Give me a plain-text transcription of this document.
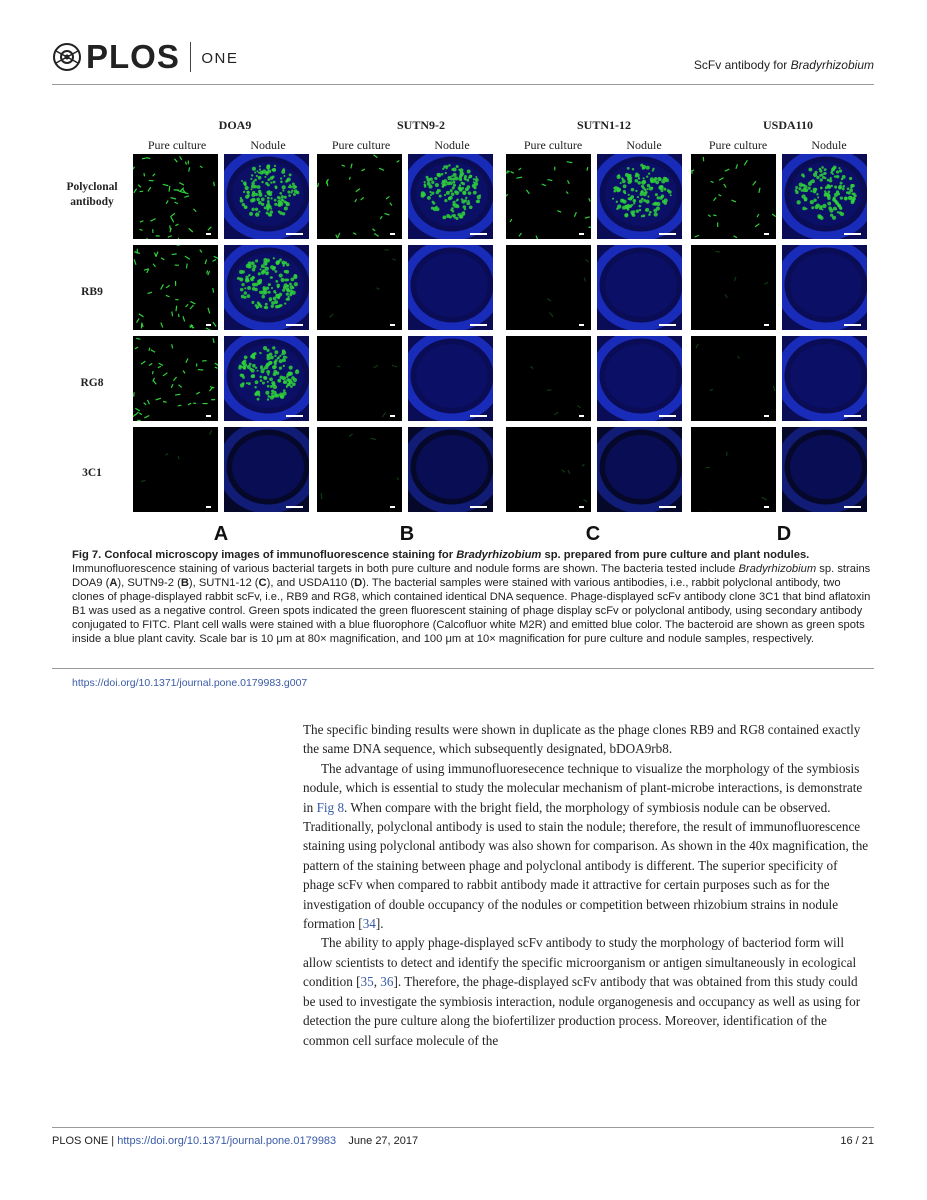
PLOS ONE	ScFv antibody for Bradyrhizobium
DOA9	SUTN9-2	SUTN1-12	USDA110
Pure culture	Nodule	Pure culture	Nodule	Pure culture	Nodule	Pure culture	Nodule
Polyclonal
antibody
RB9
RG8
3C1
A	B	C	D
Fig 7. Confocal microscopy images of immunofluorescence staining for Bradyrhizobium sp. prepared from pure culture and plant nodules. Immunofluorescence staining of various bacterial targets in both pure culture and nodule forms are shown. The bacteria tested include Bradyrhizobium sp. strains DOA9 (A), SUTN9-2 (B), SUTN1-12 (C), and USDA110 (D). The bacterial samples were stained with various antibodies, i.e., rabbit polyclonal antibody, two clones of phage-displayed rabbit scFv, i.e., RB9 and RG8, which contained identical DNA sequence. Phage-displayed scFv antibody clone 3C1 that bind aflatoxin B1 was used as a negative control. Green spots indicated the green fluorescent staining of phage display scFv or polyclonal antibody, using secondary antibody conjugated to FITC. Plant cell walls were stained with a blue fluorophore (Calcofluor white M2R) and emitted blue color. The bacteroid are shown as green spots inside a blue plant cavity. Scale bar is 10 μm at 80× magnification, and 100 μm at 10× magnification for pure culture and nodule samples, respectively.
https://doi.org/10.1371/journal.pone.0179983.g007

The specific binding results were shown in duplicate as the phage clones RB9 and RG8 contained exactly the same DNA sequence, which subsequently designated, bDOA9rb8.

The advantage of using immunofluoresecence technique to visualize the morphology of the symbiosis nodule, which is essential to study the molecular mechanism of plant-microbe interactions, is demonstrate in Fig 8. When compare with the bright field, the morphology of symbiosis nodule can be observed. Traditionally, polyclonal antibody is used to stain the nodule; therefore, the result of immunofluorescence staining using polyclonal antibody was also shown for comparison. As shown in the 40x magnification, the pattern of the staining between phage and polyclonal antibody is different. The superior specificity of phage scFv when compared to rabbit antibody made it attractive for certain purposes such as for the investigation of double occupancy of the nodules or competition between rhizobium strains in nodule formation [34].

The ability to apply phage-displayed scFv antibody to study the morphology of bacteriod form will allow scientists to detect and identify the specific microorganism or antigen simultaneously in ecological condition [35, 36]. Therefore, the phage-displayed scFv antibody that was obtained from this study could be used to investigate the symbiosis interaction, nodule organogenesis and occupancy as well as using for detection the pure culture along the biofertilizer production process. Moreover, identification of the common cell surface molecule of the

PLOS ONE | https://doi.org/10.1371/journal.pone.0179983 June 27, 2017	16 / 21
